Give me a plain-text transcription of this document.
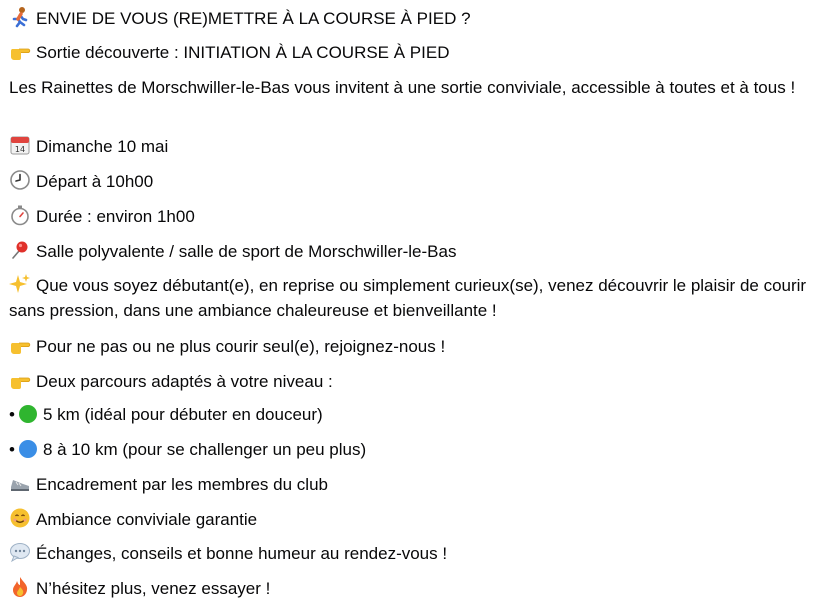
ENVIE DE VOUS (RE)METTRE À LA COURSE À PIED ?
Sortie découverte : INITIATION À LA COURSE À PIED
Les Rainettes de Morschwiller-le-Bas vous invitent à une sortie conviviale, accessible à toutes et à tous !
14 Dimanche 10 mai
Départ à 10h00
Durée : environ 1h00
Salle polyvalente / salle de sport de Morschwiller-le-Bas
Que vous soyez débutant(e), en reprise ou simplement curieux(se), venez découvrir le plaisir de courir sans pression, dans une ambiance chaleureuse et bienveillante !
Pour ne pas ou ne plus courir seul(e), rejoignez-nous !
Deux parcours adaptés à votre niveau :
• 5 km (idéal pour débuter en douceur)
• 8 à 10 km (pour se challenger un peu plus)
Encadrement par les membres du club
Ambiance conviviale garantie
Échanges, conseils et bonne humeur au rendez-vous !
N’hésitez plus, venez essayer !
